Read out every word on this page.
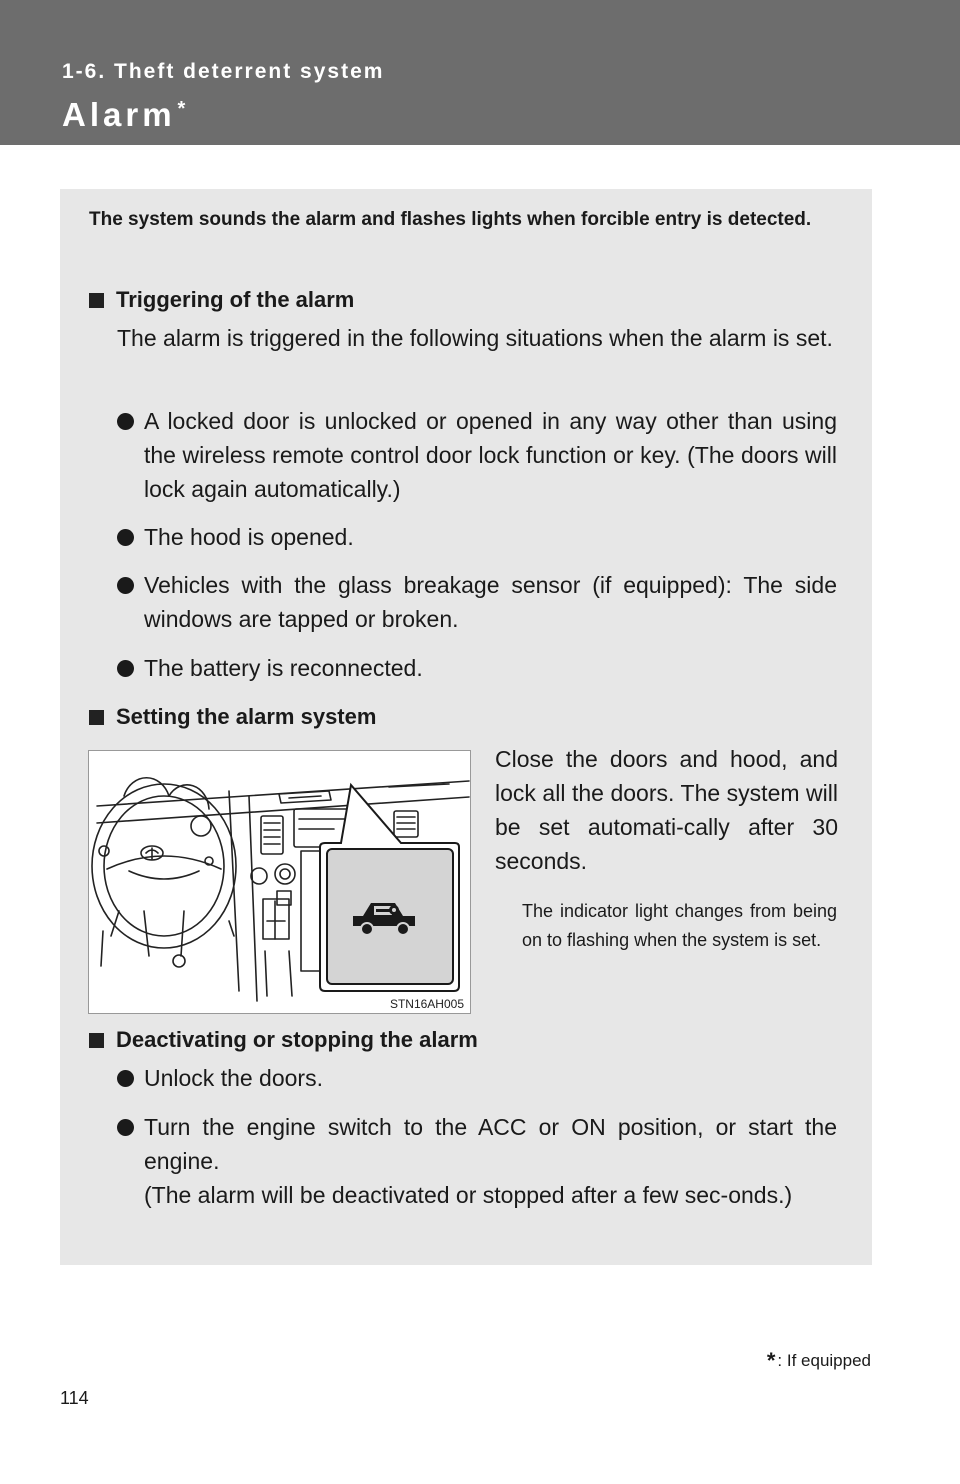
1-6. Theft deterrent system
Alarm *
The system sounds the alarm and flashes lights when forcible entry is detected.
Triggering of the alarm
The alarm is triggered in the following situations when the alarm is set.
A locked door is unlocked or opened in any way other than using the wireless remote control door lock function or key. (The doors will lock again automatically.)
The hood is opened.
Vehicles with the glass breakage sensor (if equipped): The side windows are tapped or broken.
The battery is reconnected.
Setting the alarm system
STN16AH005
Close the doors and hood, and lock all the doors. The system will be set automati-cally after 30 seconds.
The indicator light changes from being on to flashing when the system is set.
Deactivating or stopping the alarm
Unlock the doors.
Turn the engine switch to the ACC or ON position, or start the engine.
(The alarm will be deactivated or stopped after a few sec-onds.)
* : If equipped
114
